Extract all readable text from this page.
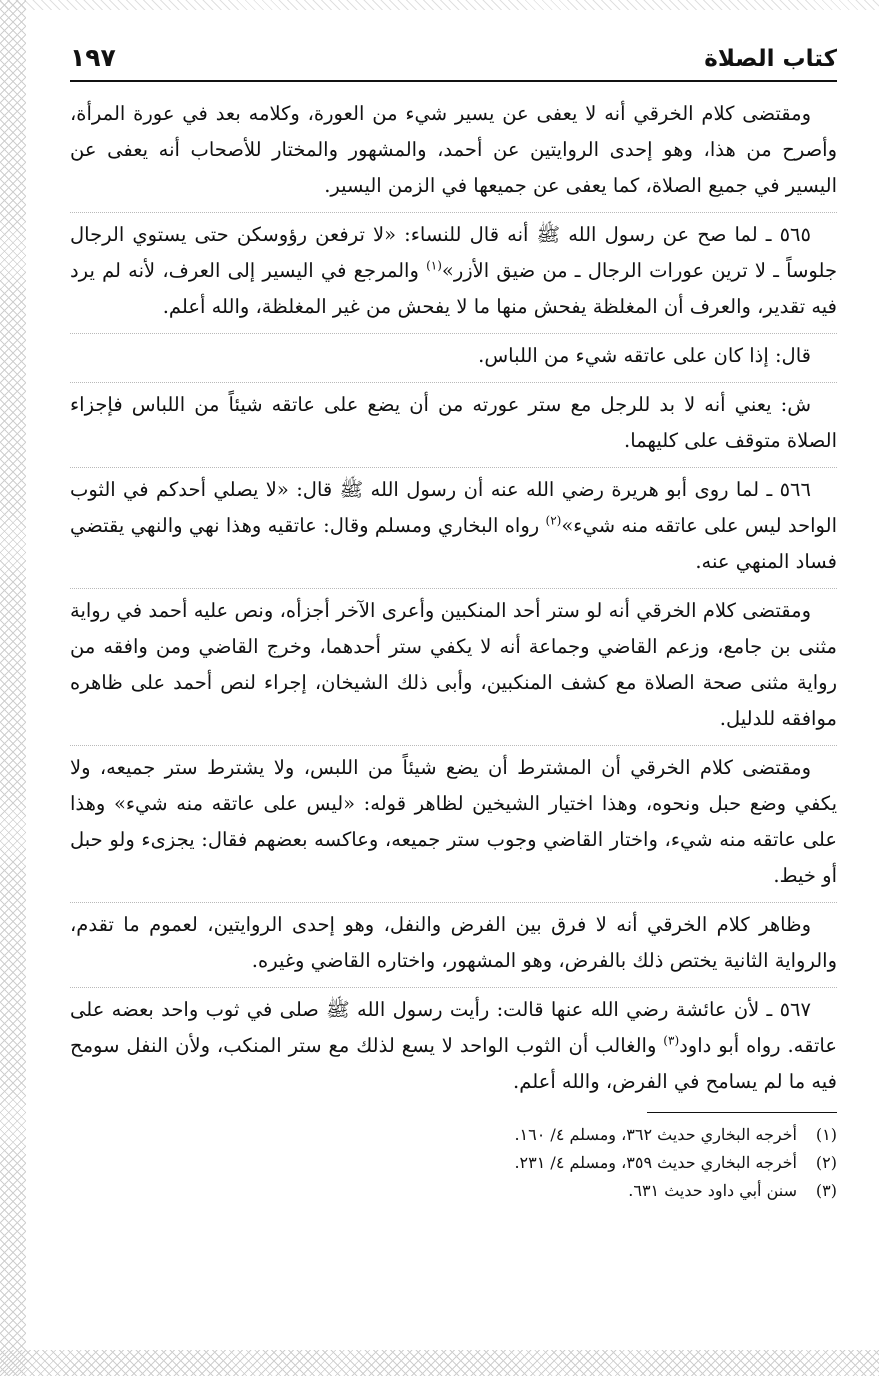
كتاب الصلاة
١٩٧

ومقتضى كلام الخرقي أنه لا يعفى عن يسير شيء من العورة، وكلامه بعد في عورة المرأة، وأصرح من هذا، وهو إحدى الروايتين عن أحمد، والمشهور والمختار للأصحاب أنه يعفى عن اليسير في جميع الصلاة، كما يعفى عن جميعها في الزمن اليسير.

٥٦٥ ـ لما صح عن رسول الله ﷺ أنه قال للنساء: «لا ترفعن رؤوسكن حتى يستوي الرجال جلوساً ـ لا ترين عورات الرجال ـ من ضيق الأزر»$^{(١)}$ والمرجع في اليسير إلى العرف، لأنه لم يرد فيه تقدير، والعرف أن المغلظة يفحش منها ما لا يفحش من غير المغلظة، والله أعلم.

قال: إذا كان على عاتقه شيء من اللباس.

ش: يعني أنه لا بد للرجل مع ستر عورته من أن يضع على عاتقه شيئاً من اللباس فإجزاء الصلاة متوقف على كليهما.

٥٦٦ ـ لما روى أبو هريرة رضي الله عنه أن رسول الله ﷺ قال: «لا يصلي أحدكم في الثوب الواحد ليس على عاتقه منه شيء»$^{(٢)}$ رواه البخاري ومسلم وقال: عاتقيه وهذا نهي والنهي يقتضي فساد المنهي عنه.

ومقتضى كلام الخرقي أنه لو ستر أحد المنكبين وأعرى الآخر أجزأه، ونص عليه أحمد في رواية مثنى بن جامع، وزعم القاضي وجماعة أنه لا يكفي ستر أحدهما، وخرج القاضي ومن وافقه من رواية مثنى صحة الصلاة مع كشف المنكبين، وأبى ذلك الشيخان، إجراء لنص أحمد على ظاهره موافقه للدليل.

ومقتضى كلام الخرقي أن المشترط أن يضع شيئاً من اللبس، ولا يشترط ستر جميعه، ولا يكفي وضع حبل ونحوه، وهذا اختيار الشيخين لظاهر قوله: «ليس على عاتقه منه شيء» وهذا على عاتقه منه شيء، واختار القاضي وجوب ستر جميعه، وعاكسه بعضهم فقال: يجزىء ولو حبل أو خيط.

وظاهر كلام الخرقي أنه لا فرق بين الفرض والنفل، وهو إحدى الروايتين، لعموم ما تقدم، والرواية الثانية يختص ذلك بالفرض، وهو المشهور، واختاره القاضي وغيره.

٥٦٧ ـ لأن عائشة رضي الله عنها قالت: رأيت رسول الله ﷺ صلى في ثوب واحد بعضه على عاتقه. رواه أبو داود$^{(٣)}$ والغالب أن الثوب الواحد لا يسع لذلك مع ستر المنكب، ولأن النفل سومح فيه ما لم يسامح في الفرض، والله أعلم.

(١)
أخرجه البخاري حديث ٣٦٢، ومسلم ٤/ ١٦٠.
(٢)
أخرجه البخاري حديث ٣٥٩، ومسلم ٤/ ٢٣١.
(٣)
سنن أبي داود حديث ٦٣١.
